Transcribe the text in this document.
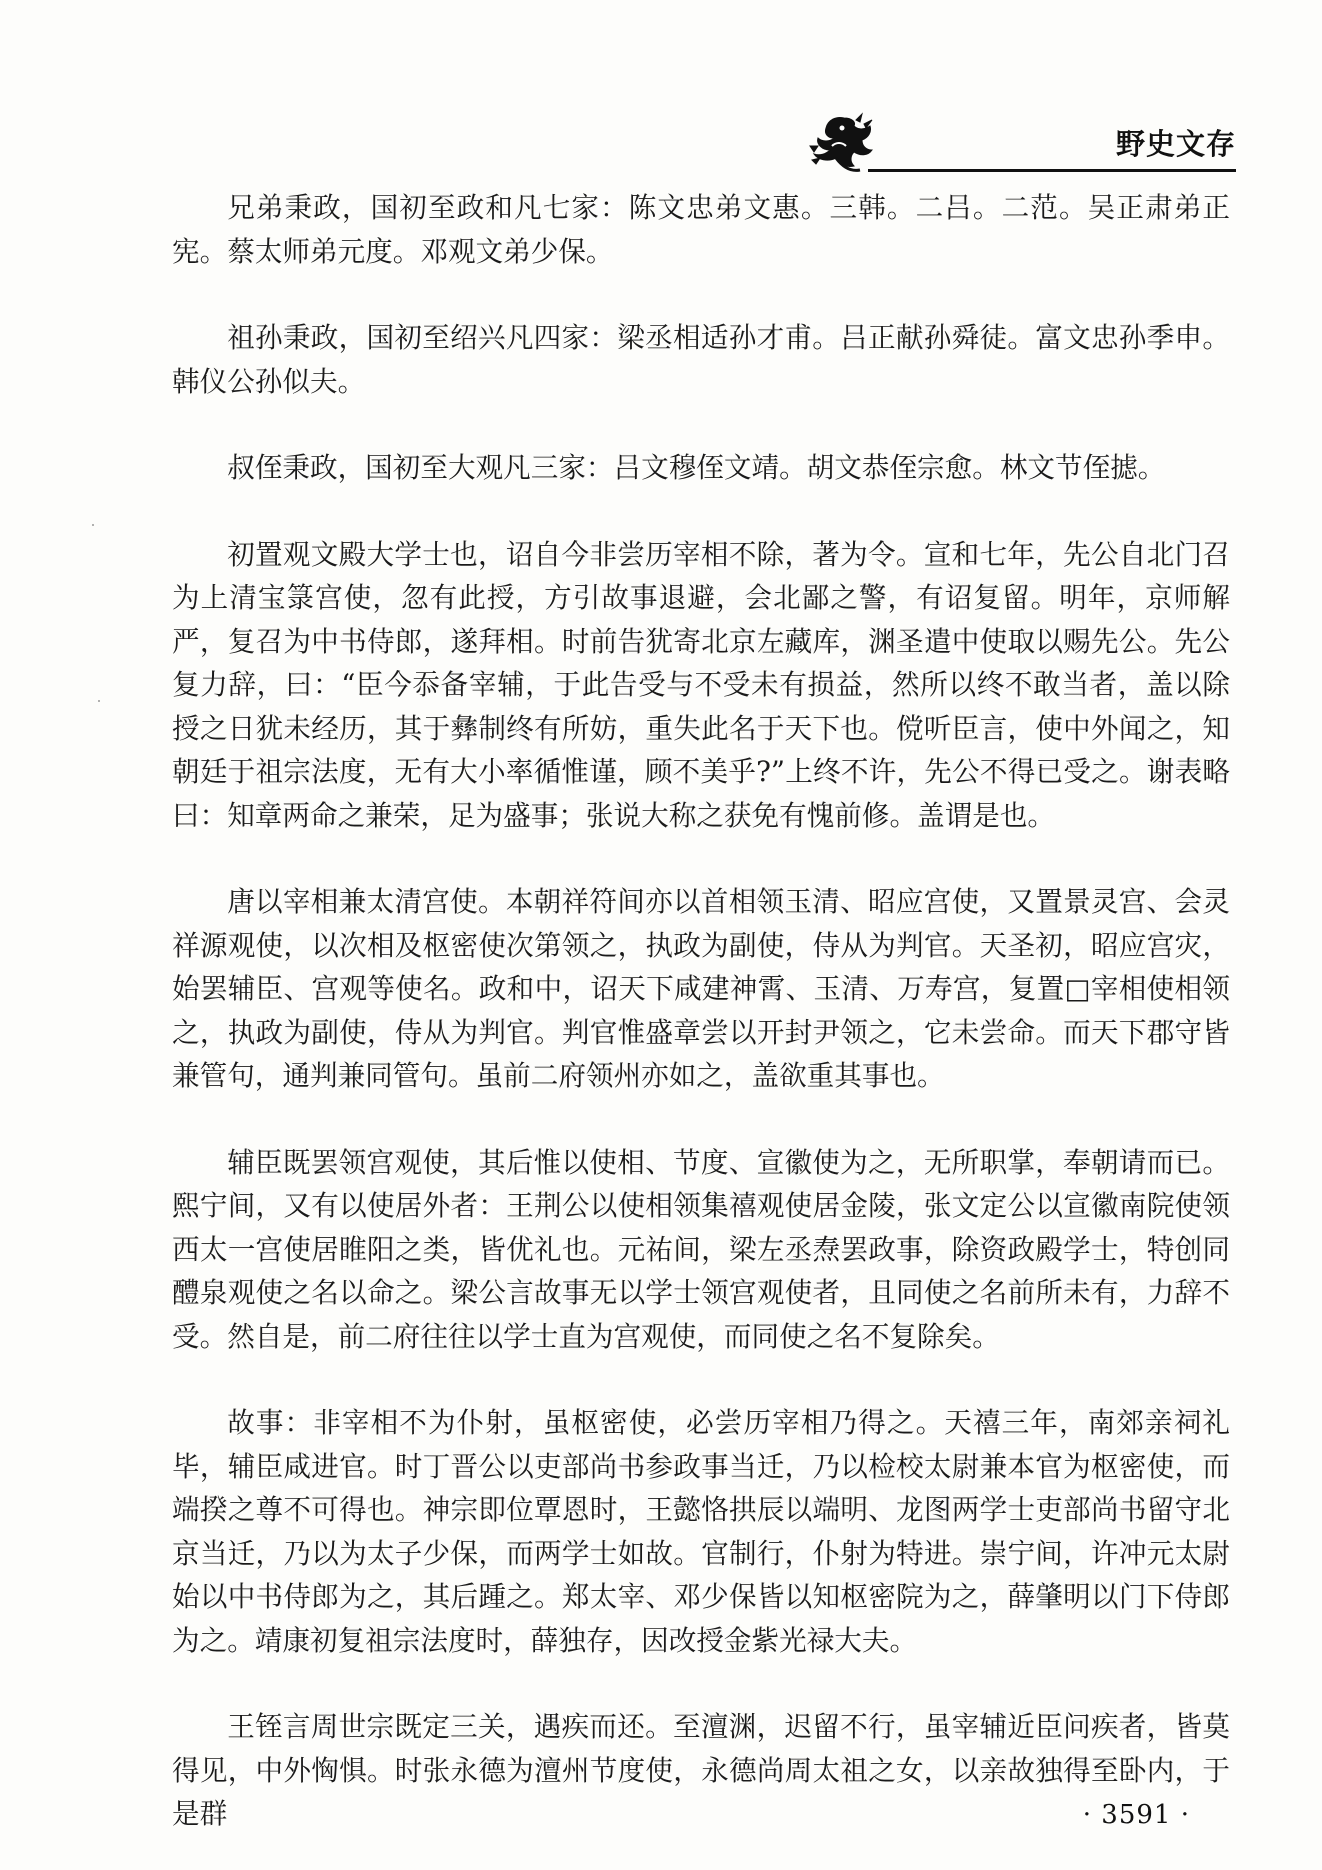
野史文存

兄弟秉政，国初至政和凡七家：陈文忠弟文惠。三韩。二吕。二范。吴正肃弟正宪。蔡太师弟元度。邓观文弟少保。

祖孙秉政，国初至绍兴凡四家：梁丞相适孙才甫。吕正献孙舜徒。富文忠孙季申。韩仪公孙似夫。

叔侄秉政，国初至大观凡三家：吕文穆侄文靖。胡文恭侄宗愈。林文节侄摅。

初置观文殿大学士也，诏自今非尝历宰相不除，著为令。宣和七年，先公自北门召为上清宝箓宫使，忽有此授，方引故事退避，会北鄙之警，有诏复留。明年，京师解严，复召为中书侍郎，遂拜相。时前告犹寄北京左藏库，渊圣遣中使取以赐先公。先公复力辞，曰：“臣今忝备宰辅，于此告受与不受未有损益，然所以终不敢当者，盖以除授之日犹未经历，其于彝制终有所妨，重失此名于天下也。傥听臣言，使中外闻之，知朝廷于祖宗法度，无有大小率循惟谨，顾不美乎?”上终不许，先公不得已受之。谢表略曰：知章两命之兼荣，足为盛事；张说大称之获免有愧前修。盖谓是也。

唐以宰相兼太清宫使。本朝祥符间亦以首相领玉清、昭应宫使，又置景灵宫、会灵祥源观使，以次相及枢密使次第领之，执政为副使，侍从为判官。天圣初，昭应宫灾，始罢辅臣、宫观等使名。政和中，诏天下咸建神霄、玉清、万寿宫，复置□宰相使相领之，执政为副使，侍从为判官。判官惟盛章尝以开封尹领之，它未尝命。而天下郡守皆兼管句，通判兼同管句。虽前二府领州亦如之，盖欲重其事也。

辅臣既罢领宫观使，其后惟以使相、节度、宣徽使为之，无所职掌，奉朝请而已。熙宁间，又有以使居外者：王荆公以使相领集禧观使居金陵，张文定公以宣徽南院使领西太一宫使居睢阳之类，皆优礼也。元祐间，梁左丞焘罢政事，除资政殿学士，特创同醴泉观使之名以命之。梁公言故事无以学士领宫观使者，且同使之名前所未有，力辞不受。然自是，前二府往往以学士直为宫观使，而同使之名不复除矣。

故事：非宰相不为仆射，虽枢密使，必尝历宰相乃得之。天禧三年，南郊亲祠礼毕，辅臣咸进官。时丁晋公以吏部尚书参政事当迁，乃以检校太尉兼本官为枢密使，而端揆之尊不可得也。神宗即位覃恩时，王懿恪拱辰以端明、龙图两学士吏部尚书留守北京当迁，乃以为太子少保，而两学士如故。官制行，仆射为特进。崇宁间，许冲元太尉始以中书侍郎为之，其后踵之。郑太宰、邓少保皆以知枢密院为之，薛肇明以门下侍郎为之。靖康初复祖宗法度时，薛独存，因改授金紫光禄大夫。

王铚言周世宗既定三关，遇疾而还。至澶渊，迟留不行，虽宰辅近臣问疾者，皆莫得见，中外恟惧。时张永德为澶州节度使，永德尚周太祖之女，以亲故独得至卧内，于是群	· 3591 ·
